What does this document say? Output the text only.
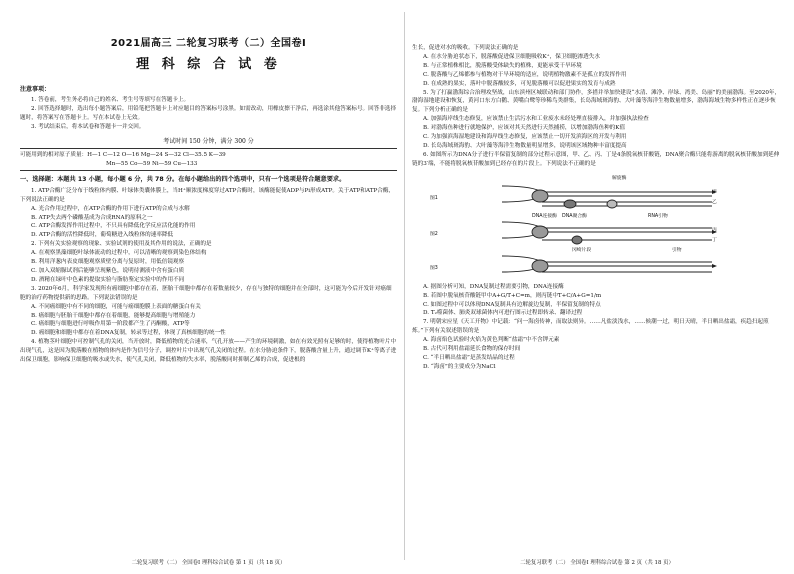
2021届高三 二轮复习联考（二）全国卷Ⅰ
理 科 综 合 试 卷
注意事项：

1. 答卷前，考生务必将自己的姓名、考生号等填写在答题卡上。

2. 回答选择题时，选出每小题答案后，用铅笔把答题卡上对应题目的答案标号涂黑。如需改动，用橡皮擦干净后，再选涂其他答案标号。回答非选择题时，将答案写在答题卡上。写在本试卷上无效。

3. 考试结束后，将本试卷和答题卡一并交回。

考试时间 150 分钟，满分 300 分

可能用到的相对原子质量：H—1 C—12 O—16 Mg—24 S—32 Cl—35.5 K—39

Mn—55 Co—59 Ni—59 Cu—133

一、选择题：本题共 13 小题，每小题 6 分，共 78 分。在每小题给出的四个选项中，只有一个选项是符合题意要求。

1. ATP合酶广泛分布于线粒体内膜、叶绿体类囊体膜上，当H⁺顺浓度梯度穿过ATP合酶时，该酶能促使ADP与Pi形成ATP。关于ATP和ATP合酶，下列说法正确的是

A. 光合作用过程中，在ATP合酶的作用下进行ATP的合成与水解

B. ATP失去两个磷酸基成为合成RNA的原料之一

C. ATP合酶发挥作用过程中，不只具有降低化学反应活化能的作用

D. ATP合酶的活性降低时，葡萄糖进入线粒体的速率降低

2. 下列有关实验观察的现象、实验试剂的使用及其作用的说法，正确的是

A. 在观察黑藻细胞叶绿体流动的过程中，可以清晰的观察到染色体结构

B. 利用洋葱内表皮细胞观察质壁分离与复原时，用低倍镜观察

C. 加入双缩脲试剂后能够呈现紫色，说明待测液中含有蛋白质

D. 酒精在绿叶中色素的提取实验与脂肪鉴定实验中的作用不同

3. 2020年6月，科学家发现所有癌细胞中都存在着，胚胎干细胞中都存在着数量较少，存在与独特的细胞并在全部时，这可能为今后开发针对癌细胞的治疗药物提供新的思路。下列说法错误的是

A. 不同癌细胞中有不同的细胞，可能与癌细胞膜上表面的糖蛋白有关

B. 癌细胞与胚胎干细胞中都存在着细胞，能够提高细胞与增殖能力

C. 癌细胞与细胞进行呼吸作用第一阶段都产生了丙酮酸，ATP等

D. 癌细胞和细胞中都存在着DNA复制，转录等过程，体现了真核细胞的统一性

4. 植物茎叶细胞中可控制气孔的关闭，当开放时，降低植物的光合速率，气孔开放——产生的环境刺激，如在有效光照有足够的时，使得植物叶片中出现气孔，这是因为脱落酸在植物的体内是作为信号分子，调控叶片中出现气孔关闭的过程。在水分胁迫条件下，脱落酸含量上升，通过调节K⁺等离子进出保卫细胞，影响保卫细胞的吸水或失水，使气孔关闭，降低植物的失水率，脱落酸同时抑制乙烯的合成，促进根的

二轮复习联考（二） 全国卷Ⅰ 理科综合试卷 第 1 页（共 18 页）

生长，促进对水的吸收。下列说法正确的是

A. 在水分胁迫状态下，脱落酸促进保卫细胞吸收K⁺，保卫细胞渗透失水

B. 与正常植株相比，脱落酸受体缺失的植株，更能承受干旱环境

C. 脱落酸与乙烯都参与植物对干旱环境的适应，说明植物激素不是孤立的发挥作用

D. 在成熟的果实，落叶中脱落酸较多，可见脱落酸可以促进果实的发育与成熟

5. 为了打赢渤海综合治理攻坚战，山东滨州区城联动和部门协作，多措并举加快建设“水清、滩净、岸绿、湾美、岛丽”的美丽渤海。至2020年，渤海湿地建设和恢复，黄河口东方白鹳、黄嘴白鹭等珍稀鸟类群集，长岛海域斑海豹、大叶藻等海洋生物数量增多，渤海海域生物多样性正在逐步恢复。下列分析正确的是

A. 加强海岸线生态修复，应该禁止生活污水和工业废水未经处理直接排入，并加强执法检查

B. 对渤海鱼种进行就地保护，应该对其天然进行天然捕捞，以增加渤海鱼种的K值

C. 为加强滨海湿地建设和海岸线生态修复，应该禁止一切开发滨海区的开发与利用

D. 长岛海域斑海豹、大叶藻等海洋生物数量明显增多，说明该区域物种丰富度提高

6. 如图所示为DNA分子进行半保留复制的部分过程示意图，甲、乙、丙、丁是4条脱氧核苷酸链，DNA聚合酶只能将游离的脱氧核苷酸加到延伸链的3′端，不能将脱氧核苷酸加到已经存在的片段上。下列说法不正确的是

图1
图2
图3
解旋酶
DNA聚合酶
DNA连接酶	RNA引物
冈崎片段	引物
甲
乙
丙
丁

A. 据图分析可知，DNA复制过程需要引物，DNA连接酶

B. 若图中脱氧核苷酸链甲中A+G/T+C=m，则丙链中T+C/A+G=1/m

C. 如图过程中可以体现DNA复制具有边解旋边复制，半保留复制的特点

D. T₂噬菌体、肺炎双球菌体内可进行图示过程即转录、翻译过程

7. 明朝宋应星《天工开物》中记载：“问一海卤传神，而取法则异。……凡盐淡浅水，……候潮一过，明日天晴，半日晒出盐霜，疾趋扫起煎炼。”下列有关叙述错误的是

A. 海卤焰色试验时火焰为黄色判断“盐霜”中不含钾元素

B. 古代可利用盐霜延长食物的保存时间

C. “半日晒出盐霜”是蒸发结晶的过程

D. “海卤”的主要成分为NaCl

二轮复习联考（二） 全国卷Ⅰ 理科综合试卷 第 2 页（共 18 页）
